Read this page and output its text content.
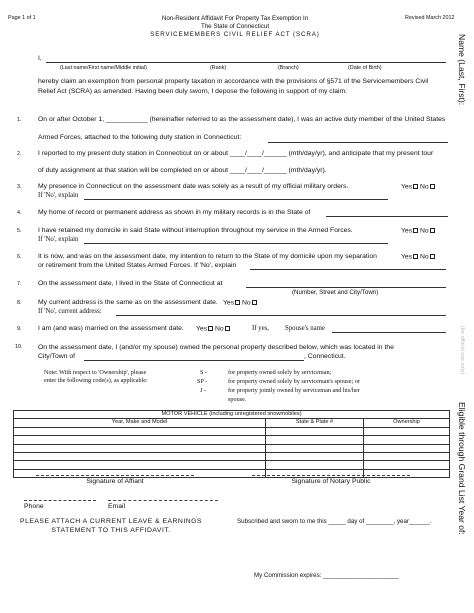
Page 1 of 1	Non-Resident Affidavit For Property Tax Exemption In
The State of Connecticut
SERVICEMEMBERS CIVIL RELIEF ACT (SCRA)
Revised March 2012
Name (Last, First):
(for official use only)
Eligible through Grand List Year of:
I,
(Last name/First name/Middle initial)	(Rank)	(Branch)	(Date of Birth)
hereby claim an exemption from personal property taxation in accordance with the provisions of §571 of the Servicemembers Civil
Relief Act (SCRA) as amended. Having been duly sworn, I depose the following in support of my claim:
1. On or after October 1, ___________ (hereinafter referred to as the assessment date), I was an active duty member of the United States
Armed Forces, attached to the following duty station in Connecticut:
2. I reported to my present duty station in Connecticut on or about ____/____/______ (mth/day/yr), and anticipate that my present tour
of duty assignment at that station will be completed on or about ____/____/______ (mth/day/yr).
3. My presence in Connecticut on the assessment date was solely as a result of my official military orders.	Yes No
If 'No', explain
4. My home of record or permanent address as shown in my military records is in the State of
5. I have retained my domicile in said State without interruption throughout my service in the Armed Forces.	Yes No
If 'No', explain
6. It is now, and was on the assessment date, my intention to return to the State of my domicile upon my separation	Yes No
or retirement from the United States Armed Forces. If 'No', explain
7. On the assessment date, I lived in the State of Connecticut at
(Number, Street and City/Town)
8. My current address is the same as on the assessment date. Yes No
If 'No', current address:
9. I am (and was) married on the assessment date. Yes No	If yes, Spouse's name
10. On the assessment date, I (and/or my spouse) owned the personal property described below, which was located in the
City/Town of	, Connecticut.
Note: With respect to 'Ownership', please
enter the following code(s), as applicable:
S -	for property owned solely by serviceman;
SP -	for property owned solely by serviceman's spouse; or
J -	for property jointly owned by serviceman and his/her
spouse.
MOTOR VEHICLE (including unregistered snowmobiles)		
Year, Make and Model	State & Plate #	Ownership

Signature of Affiant	Signature of Notary Public
Phone	Email
PLEASE ATTACH A CURRENT LEAVE & EARNINGS
STATEMENT TO THIS AFFIDAVIT.
Subscribed and sworn to me this _____ day of ________, year______.
My Commission expires: ______________________
